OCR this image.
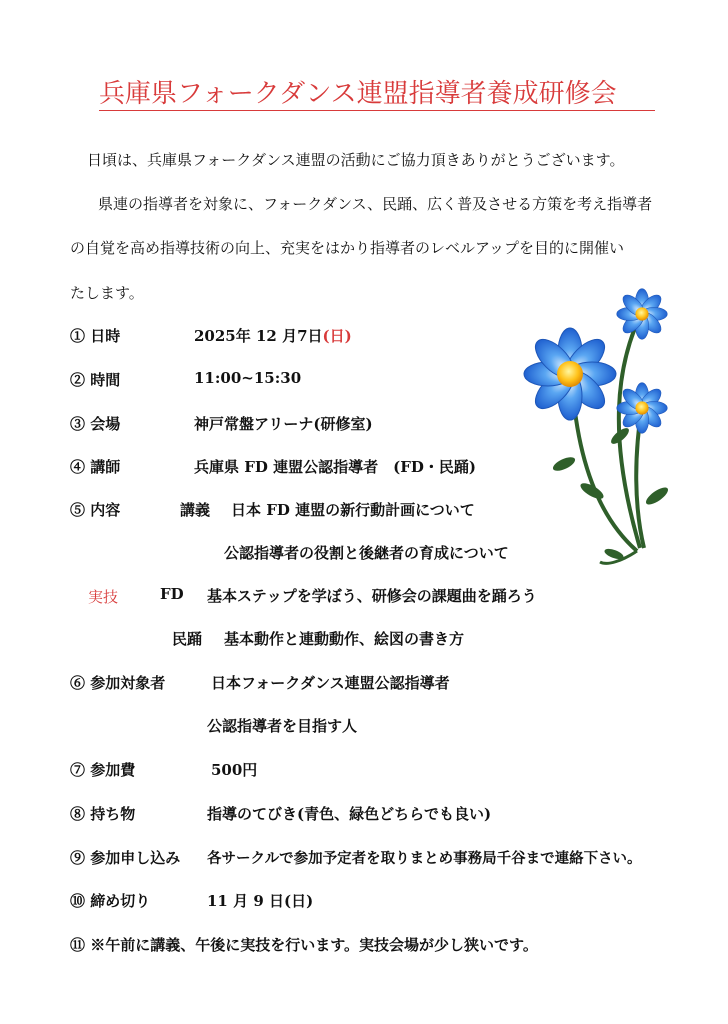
兵庫県フォークダンス連盟指導者養成研修会
日頃は、兵庫県フォークダンス連盟の活動にご協力頂きありがとうございます。
県連の指導者を対象に、フォークダンス、民踊、広く普及させる方策を考え指導者
の自覚を高め指導技術の向上、充実をはかり指導者のレベルアップを目的に開催い
たします。
① 日時	2025年 12 月7日(日)
② 時間	11:00~15:30
③ 会場	神戸常盤アリーナ(研修室)
④ 講師	兵庫県 FD 連盟公認指導者　(FD・民踊)
⑤ 内容	講義 日本 FD 連盟の新行動計画について
公認指導者の役割と後継者の育成について
実技	FD 基本ステップを学ぼう、研修会の課題曲を踊ろう
民踊 基本動作と連動動作、絵図の書き方
⑥ 参加対象者	日本フォークダンス連盟公認指導者
公認指導者を目指す人
⑦ 参加費	500円
⑧ 持ち物	指導のてびき(青色、緑色どちらでも良い)
⑨ 参加申し込み 各サークルで参加予定者を取りまとめ事務局千谷まで連絡下さい。
⑩ 締め切り	11 月 9 日(日)
⑪ ※午前に講義、午後に実技を行います。実技会場が少し狭いです。
